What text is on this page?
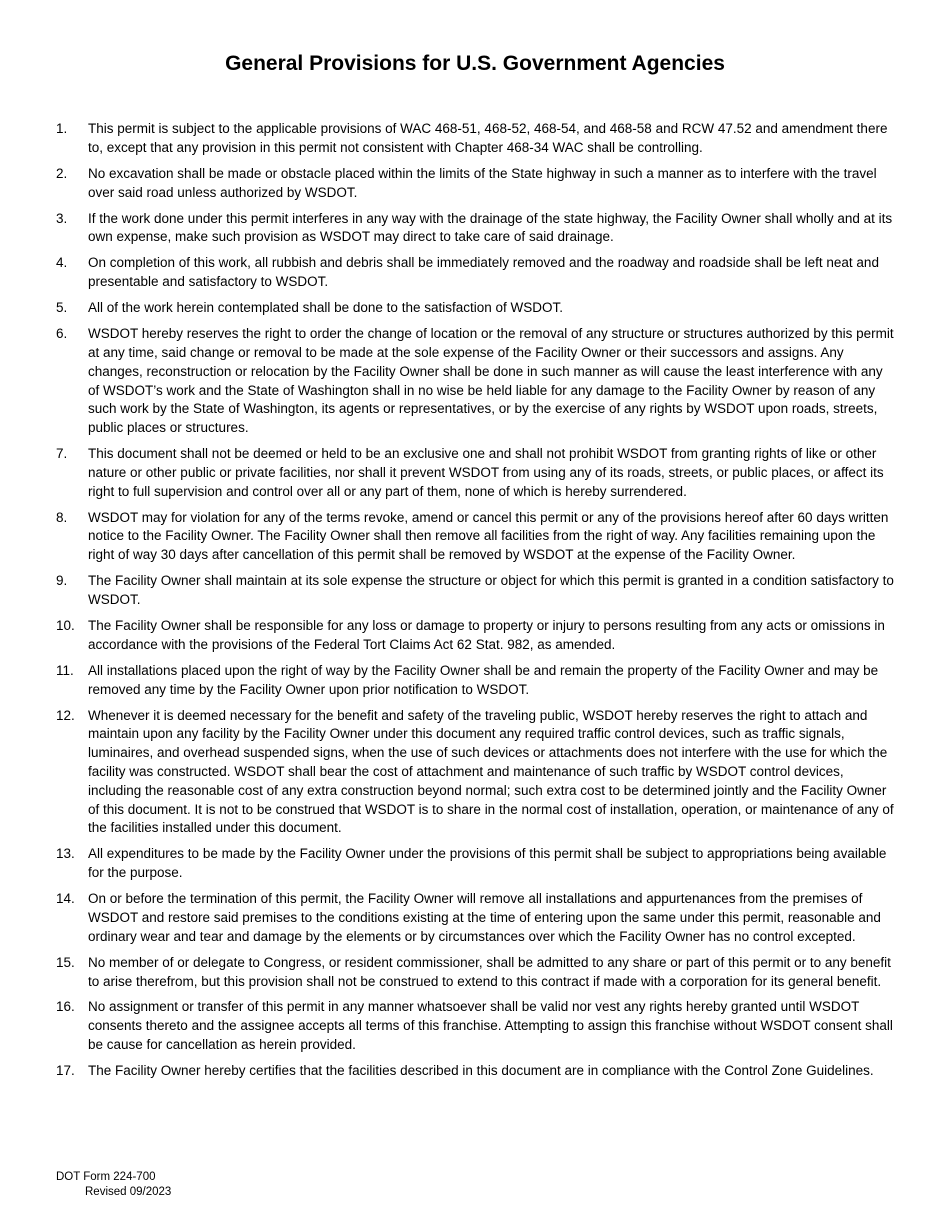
General Provisions for U.S. Government Agencies
1.	This permit is subject to the applicable provisions of WAC 468-51, 468-52, 468-54, and 468-58 and RCW 47.52 and amendment there to, except that any provision in this permit not consistent with Chapter 468-34 WAC shall be controlling.
2.	No excavation shall be made or obstacle placed within the limits of the State highway in such a manner as to interfere with the travel over said road unless authorized by WSDOT.
3.	If the work done under this permit interferes in any way with the drainage of the state highway, the Facility Owner shall wholly and at its own expense, make such provision as WSDOT may direct to take care of said drainage.
4.	On completion of this work, all rubbish and debris shall be immediately removed and the roadway and roadside shall be left neat and presentable and satisfactory to WSDOT.
5.	All of the work herein contemplated shall be done to the satisfaction of WSDOT.
6.	WSDOT hereby reserves the right to order the change of location or the removal of any structure or structures authorized by this permit at any time, said change or removal to be made at the sole expense of the Facility Owner or their successors and assigns. Any changes, reconstruction or relocation by the Facility Owner shall be done in such manner as will cause the least interference with any of WSDOT’s work and the State of Washington shall in no wise be held liable for any damage to the Facility Owner by reason of any such work by the State of Washington, its agents or representatives, or by the exercise of any rights by WSDOT upon roads, streets, public places or structures.
7.	This document shall not be deemed or held to be an exclusive one and shall not prohibit WSDOT from granting rights of like or other nature or other public or private facilities, nor shall it prevent WSDOT from using any of its roads, streets, or public places, or affect its right to full supervision and control over all or any part of them, none of which is hereby surrendered.
8.	WSDOT may for violation for any of the terms revoke, amend or cancel this permit or any of the provisions hereof after 60 days written notice to the Facility Owner. The Facility Owner shall then remove all facilities from the right of way. Any facilities remaining upon the right of way 30 days after cancellation of this permit shall be removed by WSDOT at the expense of the Facility Owner.
9.	The Facility Owner shall maintain at its sole expense the structure or object for which this permit is granted in a condition satisfactory to WSDOT.
10. The Facility Owner shall be responsible for any loss or damage to property or injury to persons resulting from any acts or omissions in accordance with the provisions of the Federal Tort Claims Act 62 Stat. 982, as amended.
11.	All installations placed upon the right of way by the Facility Owner shall be and remain the property of the Facility Owner and may be removed any time by the Facility Owner upon prior notification to WSDOT.
12. Whenever it is deemed necessary for the benefit and safety of the traveling public, WSDOT hereby reserves the right to attach and maintain upon any facility by the Facility Owner under this document any required traffic control devices, such as traffic signals, luminaires, and overhead suspended signs, when the use of such devices or attachments does not interfere with the use for which the facility was constructed. WSDOT shall bear the cost of attachment and maintenance of such traffic by WSDOT control devices, including the reasonable cost of any extra construction beyond normal; such extra cost to be determined jointly and the Facility Owner of this document. It is not to be construed that WSDOT is to share in the normal cost of installation, operation, or maintenance of any of the facilities installed under this document.
13. All expenditures to be made by the Facility Owner under the provisions of this permit shall be subject to appropriations being available for the purpose.
14. On or before the termination of this permit, the Facility Owner will remove all installations and appurtenances from the premises of WSDOT and restore said premises to the conditions existing at the time of entering upon the same under this permit, reasonable and ordinary wear and tear and damage by the elements or by circumstances over which the Facility Owner has no control excepted.
15. No member of or delegate to Congress, or resident commissioner, shall be admitted to any share or part of this permit or to any benefit to arise therefrom, but this provision shall not be construed to extend to this contract if made with a corporation for its general benefit.
16. No assignment or transfer of this permit in any manner whatsoever shall be valid nor vest any rights hereby granted until WSDOT consents thereto and the assignee accepts all terms of this franchise. Attempting to assign this franchise without WSDOT consent shall be cause for cancellation as herein provided.
17. The Facility Owner hereby certifies that the facilities described in this document are in compliance with the Control Zone Guidelines.
DOT Form 224-700
Revised 09/2023
